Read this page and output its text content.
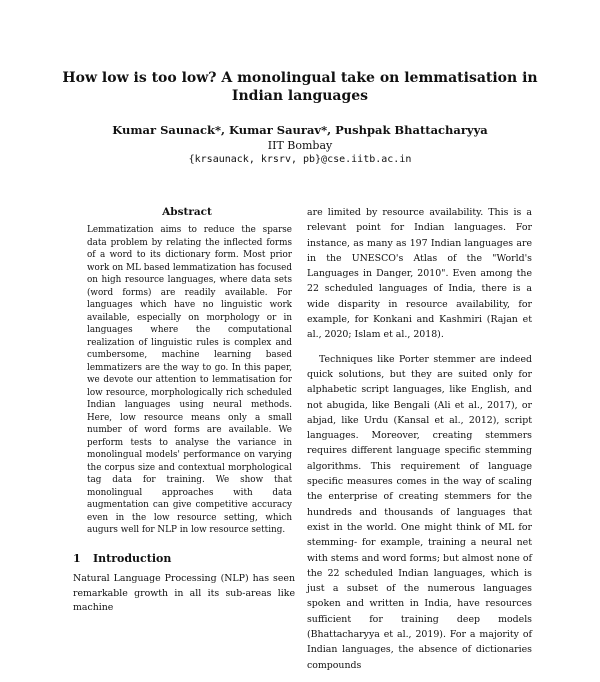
How low is too low? A monolingual take on lemmatisation in Indian languages
Kumar Saunack*, Kumar Saurav*, Pushpak Bhattacharyya
IIT Bombay
{krsaunack, krsrv, pb}@cse.iitb.ac.in
Abstract

Lemmatization aims to reduce the sparse data problem by relating the inflected forms of a word to its dictionary form. Most prior work on ML based lemmatization has focused on high resource languages, where data sets (word forms) are readily available. For languages which have no linguistic work available, especially on morphology or in languages where the computational realization of linguistic rules is complex and cumbersome, machine learning based lemmatizers are the way to go. In this paper, we devote our attention to lemmatisation for low resource, morphologically rich scheduled Indian languages using neural methods. Here, low resource means only a small number of word forms are available. We perform tests to analyse the variance in monolingual models' performance on varying the corpus size and contextual morphological tag data for training. We show that monolingual approaches with data augmentation can give competitive accuracy even in the low resource setting, which augurs well for NLP in low resource setting.

1 Introduction

Natural Language Processing (NLP) has seen remarkable growth in all its sub-areas like machine

are limited by resource availability. This is a relevant point for Indian languages. For instance, as many as 197 Indian languages are in the UNESCO's Atlas of the "World's Languages in Danger, 2010". Even among the 22 scheduled languages of India, there is a wide disparity in resource availability, for example, for Konkani and Kashmiri (Rajan et al., 2020; Islam et al., 2018).

Techniques like Porter stemmer are indeed quick solutions, but they are suited only for alphabetic script languages, like English, and not abugida, like Bengali (Ali et al., 2017), or abjad, like Urdu (Kansal et al., 2012), script languages. Moreover, creating stemmers requires different language specific stemming algorithms. This requirement of language specific measures comes in the way of scaling the enterprise of creating stemmers for the hundreds and thousands of languages that exist in the world. One might think of ML for stemming- for example, training a neural net with stems and word forms; but almost none of the 22 scheduled Indian languages, which is just a subset of the numerous languages spoken and written in India, have resources sufficient for training deep models (Bhattacharyya et al., 2019). For a majority of Indian languages, the absence of dictionaries compounds
